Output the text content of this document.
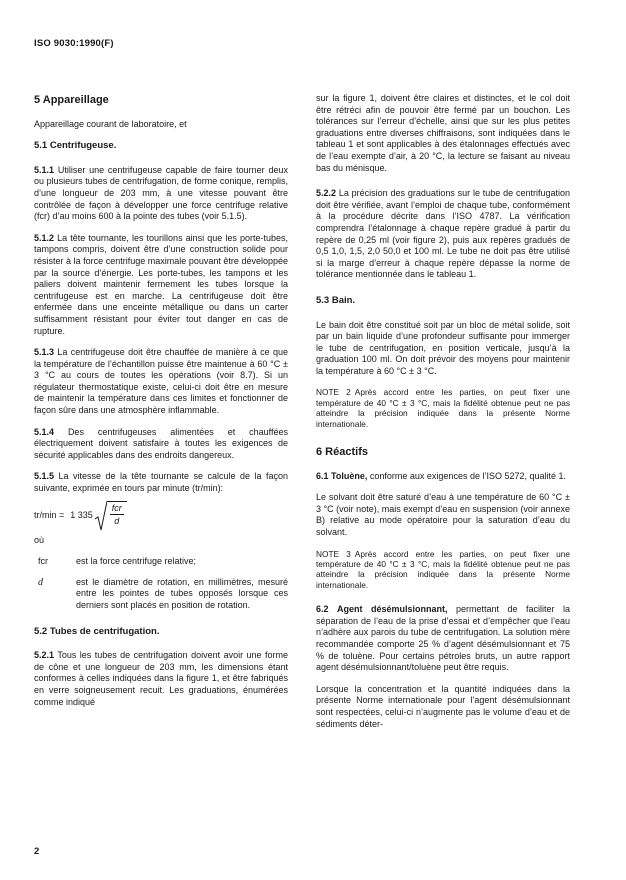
ISO 9030:1990(F)
5 Appareillage

Appareillage courant de laboratoire, et

5.1 Centrifugeuse.

5.1.1 Utiliser une centrifugeuse capable de faire tourner deux ou plusieurs tubes de centrifugation, de forme conique, remplis, d’une longueur de 203 mm, à une vitesse pouvant être contrôlée de façon à développer une force centrifuge relative (fcr) d’au moins 600 à la pointe des tubes (voir 5.1.5).

5.1.2 La tête tournante, les tourillons ainsi que les porte-tubes, tampons compris, doivent être d’une construction solide pour résister à la force centrifuge maximale pouvant être développée par la source d’énergie. Les porte-tubes, les tampons et les paliers doivent maintenir fermement les tubes lorsque la centrifugeuse est en marche. La centrifugeuse doit être enfermée dans une enceinte métallique ou dans un carter suffisamment résistant pour éviter tout danger en cas de rupture.

5.1.3 La centrifugeuse doit être chauffée de manière à ce que la température de l’échantillon puisse être maintenue à 60 °C ± 3 °C au cours de toutes les opérations (voir 8.7). Si un régulateur thermostatique existe, celui-ci doit être en mesure de maintenir la température dans ces limites et fonctionner de façon sûre dans une atmosphère inflammable.

5.1.4 Des centrifugeuses alimentées et chauffées électriquement doivent satisfaire à toutes les exigences de sécurité applicables dans des endroits dangereux.

5.1.5 La vitesse de la tête tournante se calcule de la façon suivante, exprimée en tours par minute (tr/min):

tr/min = 1 335
fcr
d
où
fcr	est la force centrifuge relative;
d	est le diamètre de rotation, en millimètres, mesuré entre les pointes de tubes opposés lorsque ces derniers sont placés en position de rotation.
5.2 Tubes de centrifugation.

5.2.1 Tous les tubes de centrifugation doivent avoir une forme de cône et une longueur de 203 mm, les dimensions étant conformes à celles indiquées dans la figure 1, et être fabriqués en verre soigneusement recuit. Les graduations, énumérées comme indiqué

sur la figure 1, doivent être claires et distinctes, et le col doit être rétréci afin de pouvoir être fermé par un bouchon. Les tolérances sur l’erreur d’échelle, ainsi que sur les plus petites graduations entre diverses chiffraisons, sont indiquées dans le tableau 1 et sont applicables à des étalonnages effectués avec de l’eau exempte d’air, à 20 °C, la lecture se faisant au niveau bas du ménisque.

5.2.2 La précision des graduations sur le tube de centrifugation doit être vérifiée, avant l’emploi de chaque tube, conformément à la procédure décrite dans l’ISO 4787. La vérification comprendra l’étalonnage à chaque repère gradué à partir du repère de 0,25 ml (voir figure 2), puis aux repères gradués de 0,5 1,0, 1,5, 2,0 50,0 et 100 ml. Le tube ne doit pas être utilisé si la marge d’erreur à chaque repère dépasse la norme de tolérance mentionnée dans le tableau 1.

5.3 Bain.

Le bain doit être constitué soit par un bloc de métal solide, soit par un bain liquide d’une profondeur suffisante pour immerger le tube de centrifugation, en position verticale, jusqu’à la graduation 100 ml. On doit prévoir des moyens pour maintenir la température à 60 °C ± 3 °C.

NOTE 2 Après accord entre les parties, on peut fixer une température de 40 °C ± 3 °C, mais la fidélité obtenue peut ne pas atteindre la précision indiquée dans la présente Norme internationale.
6 Réactifs

6.1 Toluène, conforme aux exigences de l’ISO 5272, qualité 1.

Le solvant doit être saturé d’eau à une température de 60 °C ± 3 °C (voir note), mais exempt d’eau en suspension (voir annexe B) relative au mode opératoire pour la saturation d’eau du solvant.

NOTE 3 Après accord entre les parties, on peut fixer une température de 40 °C ± 3 °C, mais la fidélité obtenue peut ne pas atteindre la précision indiquée dans la présente Norme internationale.

6.2 Agent désémulsionnant, permettant de faciliter la séparation de l’eau de la prise d’essai et d’empêcher que l’eau n’adhère aux parois du tube de centrifugation. La solution mère recommandée comporte 25 % d’agent désémulsionnant et 75 % de toluène. Pour certains pétroles bruts, un autre rapport agent désémulsionnant/toluène peut être requis.

Lorsque la concentration et la quantité indiquées dans la présente Norme internationale pour l’agent désémulsionnant sont respectées, celui-ci n’augmente pas le volume d’eau et de sédiments déter-

2
